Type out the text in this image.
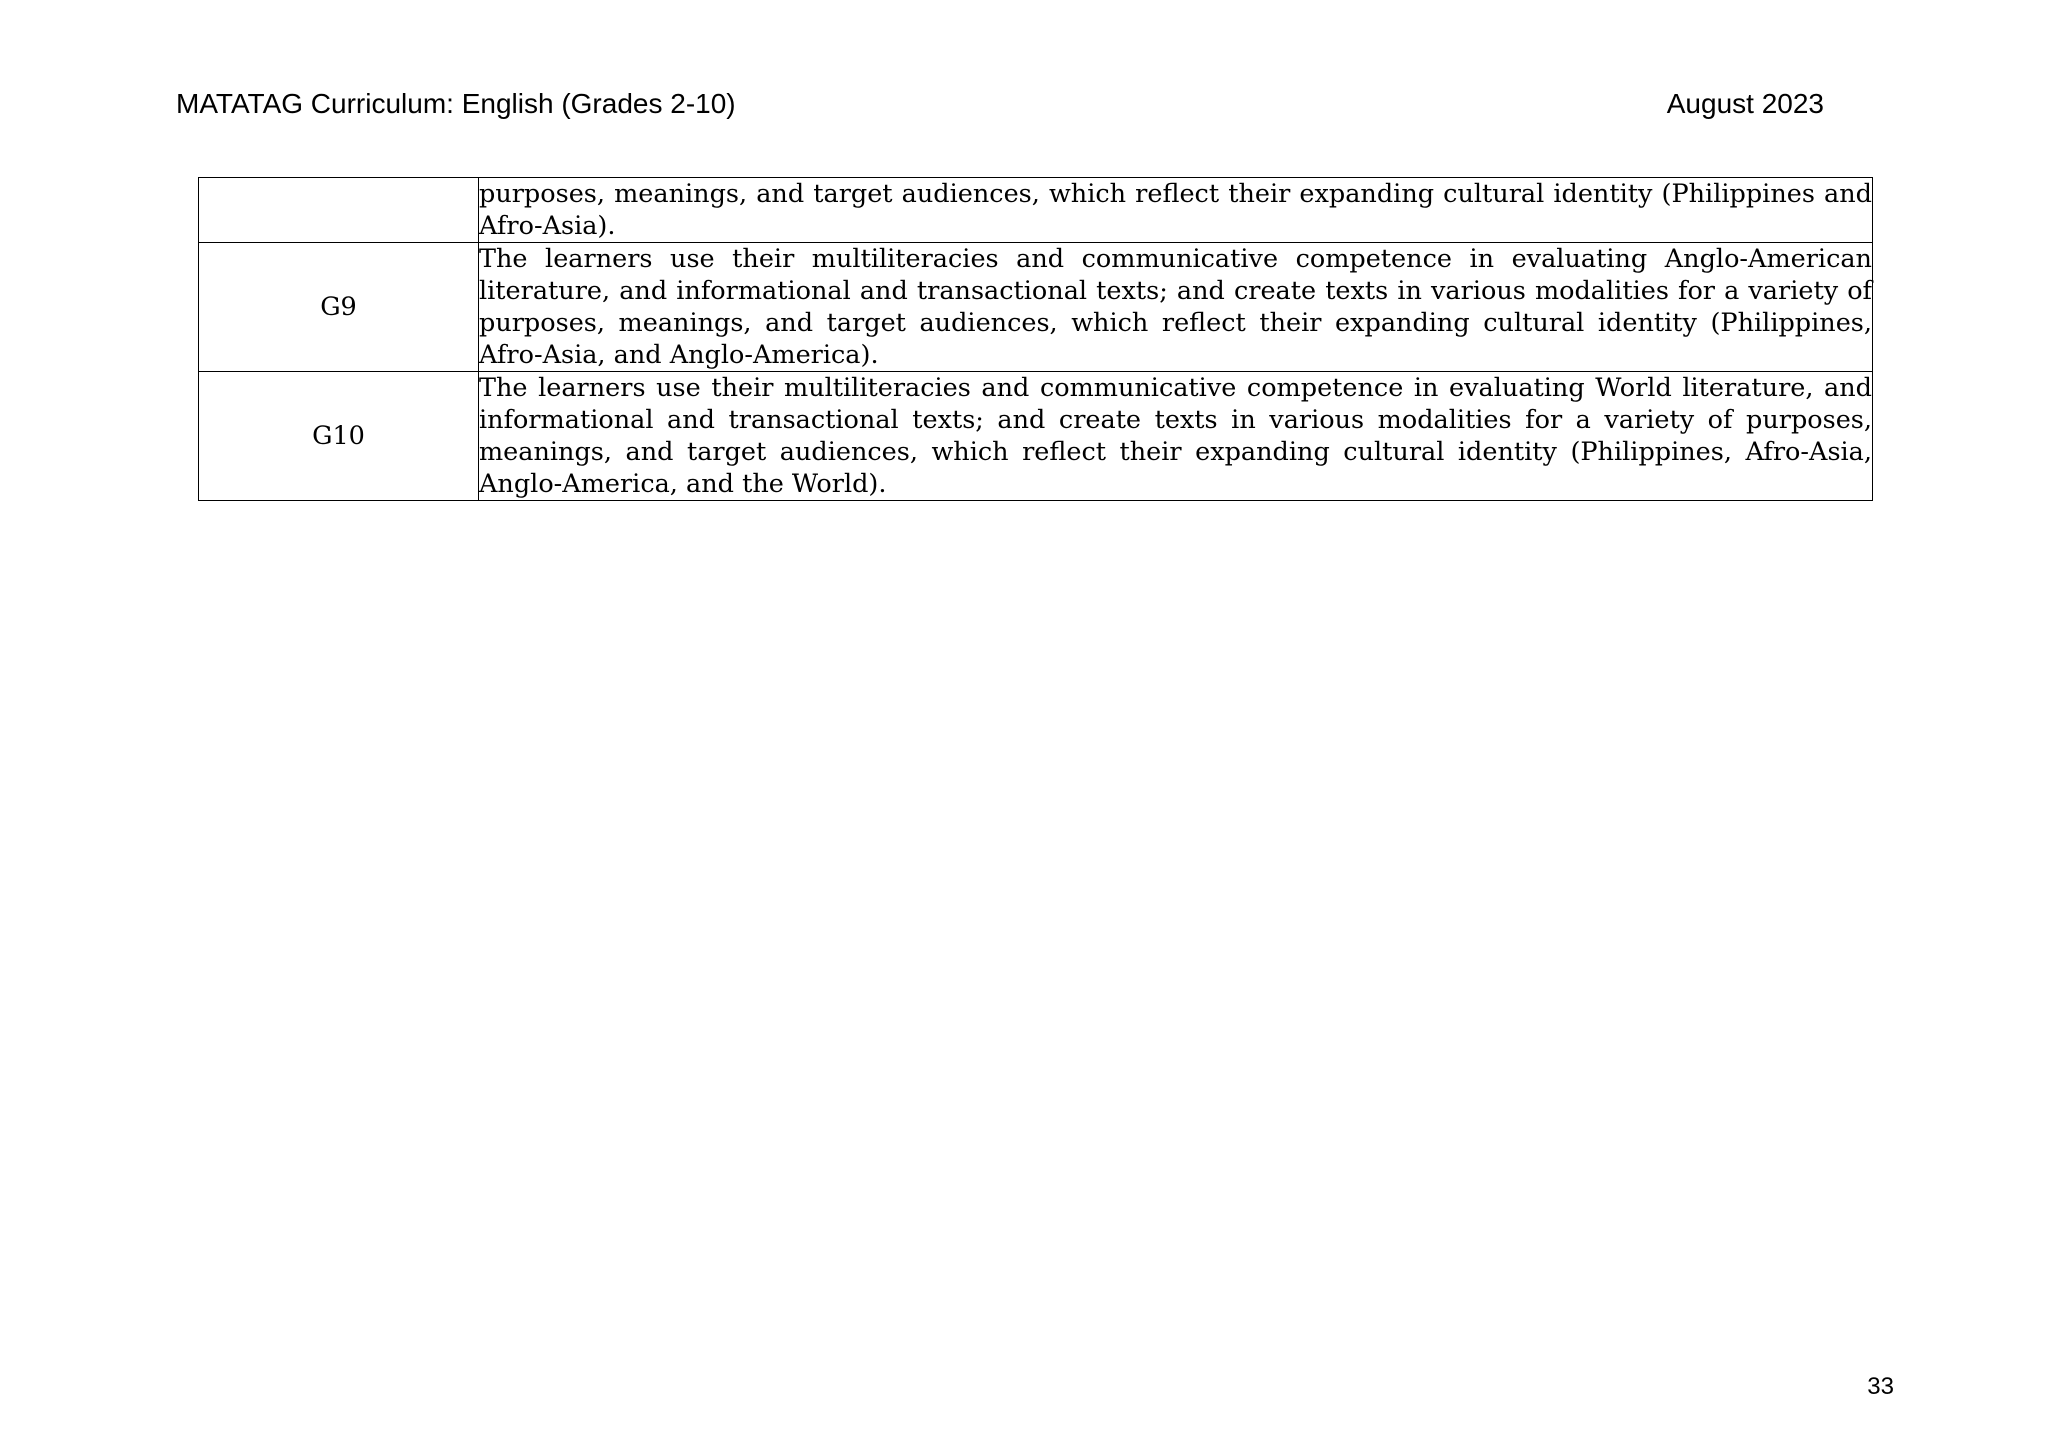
MATATAG Curriculum: English (Grades 2-10)	August 2023
	purposes, meanings, and target audiences, which reflect their expanding cultural identity (Philippines and Afro-Asia).
G9	The learners use their multiliteracies and communicative competence in evaluating Anglo-American literature, and informational and transactional texts; and create texts in various modalities for a variety of purposes, meanings, and target audiences, which reflect their expanding cultural identity (Philippines, Afro-Asia, and Anglo-America).
G10	The learners use their multiliteracies and communicative competence in evaluating World literature, and informational and transactional texts; and create texts in various modalities for a variety of purposes, meanings, and target audiences, which reflect their expanding cultural identity (Philippines, Afro-Asia, Anglo-America, and the World).
33
